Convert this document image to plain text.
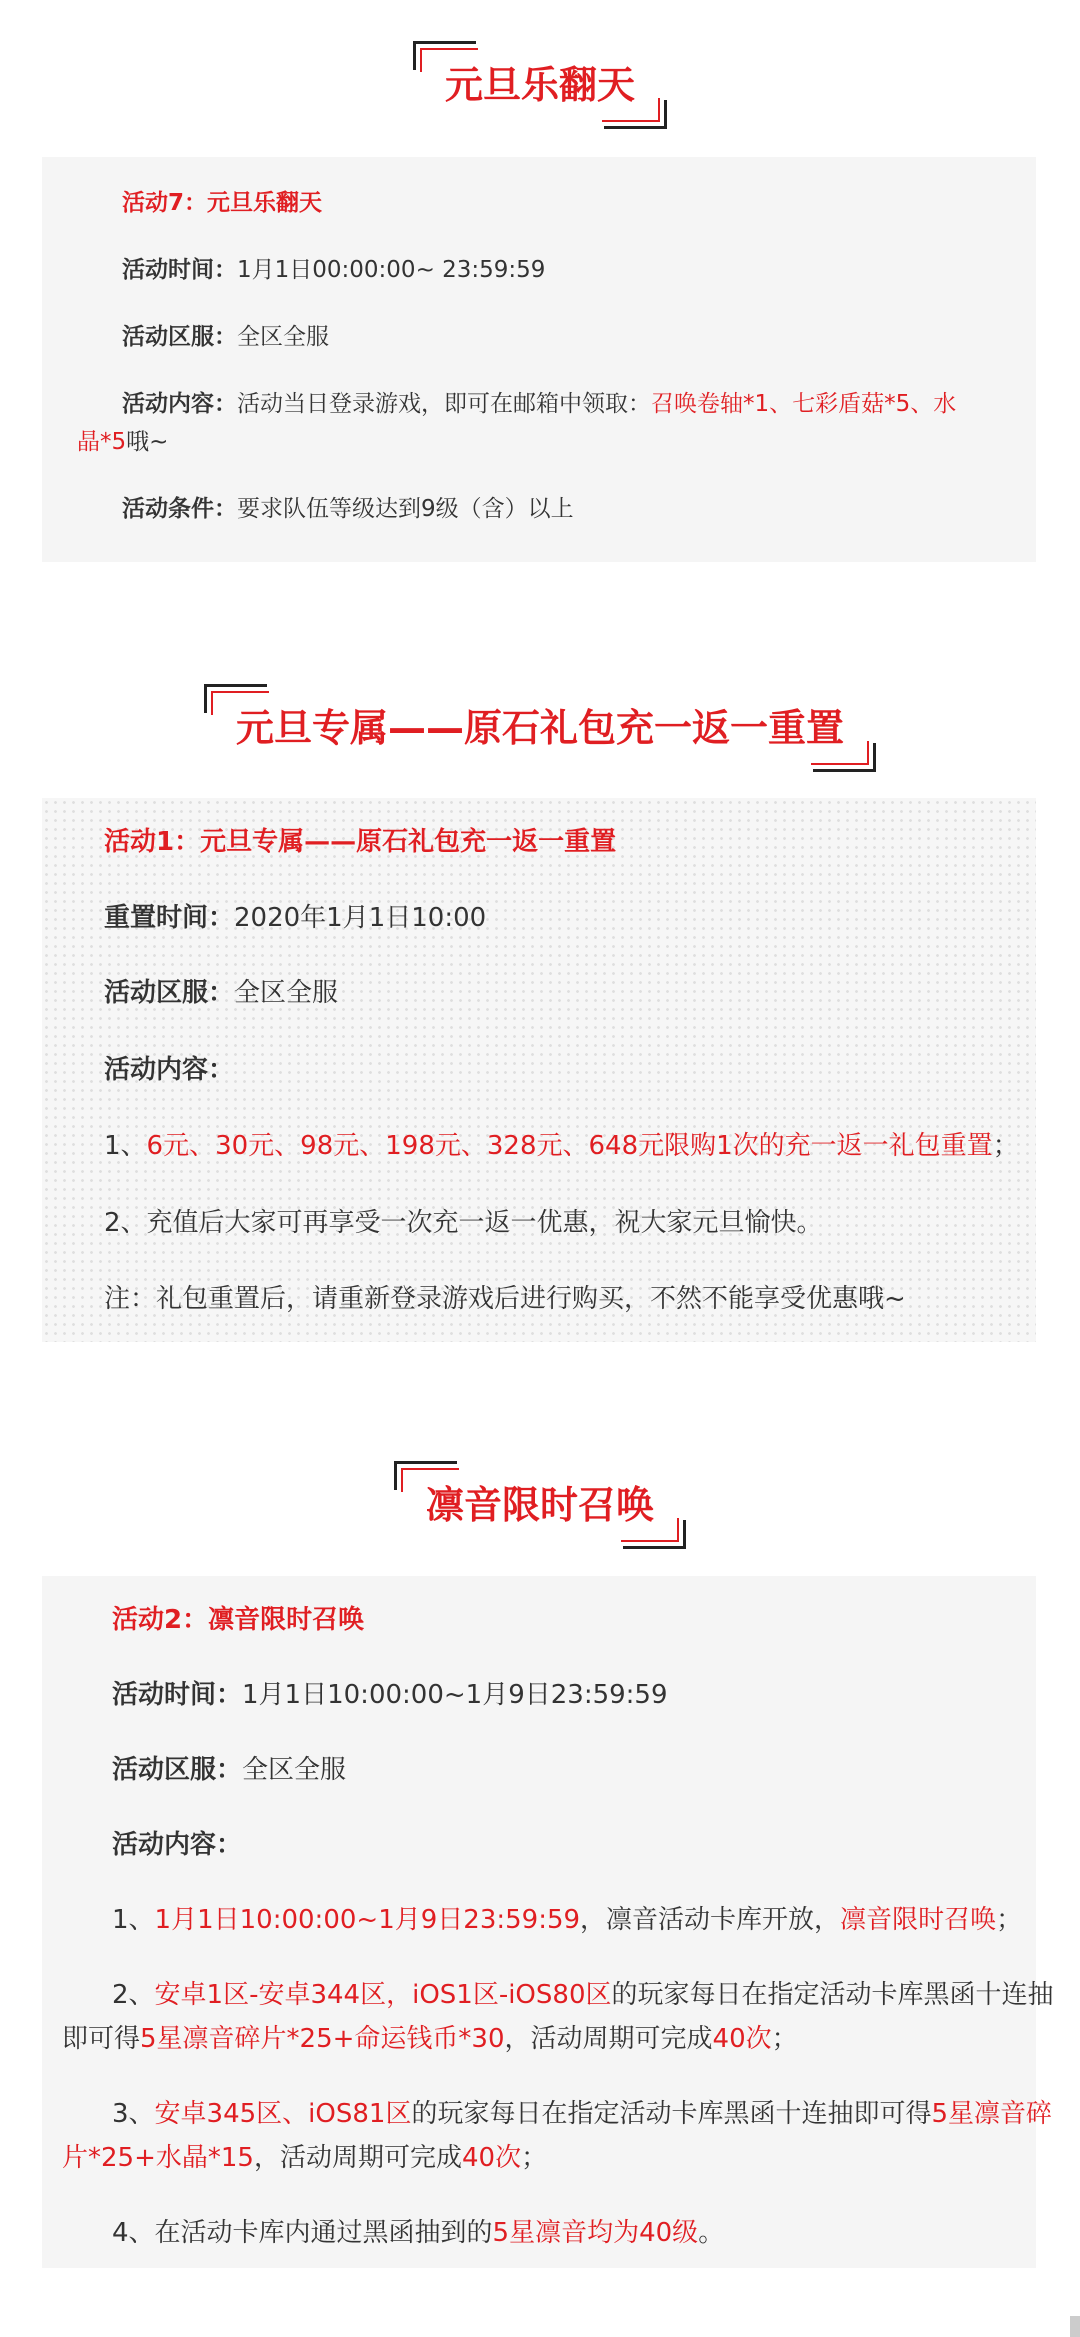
元旦乐翻天
活动7：元旦乐翻天
活动时间：1月1日00:00:00~ 23:59:59
活动区服：全区全服
活动内容：活动当日登录游戏，即可在邮箱中领取：召唤卷轴*1、七彩盾菇*5、水
晶*5哦~
活动条件：要求队伍等级达到9级（含）以上
元旦专属——原石礼包充一返一重置
活动1：元旦专属——原石礼包充一返一重置
重置时间：2020年1月1日10:00
活动区服：全区全服
活动内容：
1、6元、30元、98元、198元、328元、648元限购1次的充一返一礼包重置；
2、充值后大家可再享受一次充一返一优惠，祝大家元旦愉快。
注：礼包重置后，请重新登录游戏后进行购买，不然不能享受优惠哦~
凛音限时召唤
活动2：凛音限时召唤
活动时间：1月1日10:00:00~1月9日23:59:59
活动区服：全区全服
活动内容：
1、1月1日10:00:00~1月9日23:59:59，凛音活动卡库开放，凛音限时召唤；
2、安卓1区-安卓344区，iOS1区-iOS80区的玩家每日在指定活动卡库黑函十连抽
即可得5星凛音碎片*25+命运钱币*30，活动周期可完成40次；
3、安卓345区、iOS81区的玩家每日在指定活动卡库黑函十连抽即可得5星凛音碎
片*25+水晶*15，活动周期可完成40次；
4、在活动卡库内通过黑函抽到的5星凛音均为40级。
